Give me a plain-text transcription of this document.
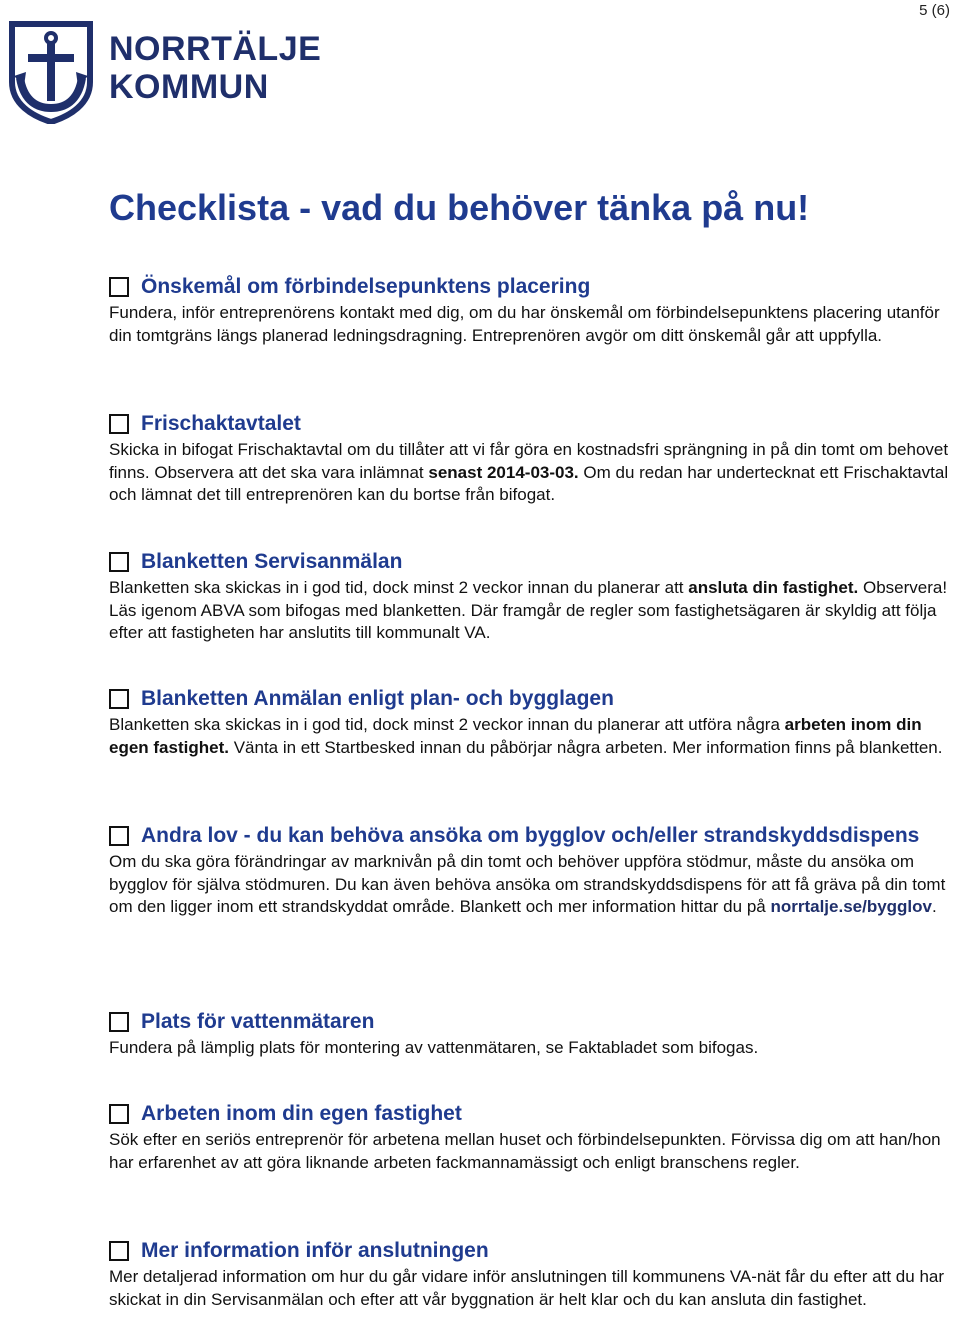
5 (6)
NORRTÄLJE
KOMMUN
Checklista - vad du behöver tänka på nu!
Önskemål om förbindelsepunktens placering

Fundera, inför entreprenörens kontakt med dig, om du har önskemål om förbindelsepunktens placering utanför din tomtgräns längs planerad ledningsdragning. Entreprenören avgör om ditt önskemål går att uppfylla.

Frischaktavtalet

Skicka in bifogat Frischaktavtal om du tillåter att vi får göra en kostnadsfri sprängning in på din tomt om behovet finns. Observera att det ska vara inlämnat senast 2014-03-03. Om du redan har undertecknat ett Frischaktavtal och lämnat det till entreprenören kan du bortse från bifogat.

Blanketten Servisanmälan

Blanketten ska skickas in i god tid, dock minst 2 veckor innan du planerar att ansluta din fastighet. Observera! Läs igenom ABVA som bifogas med blanketten. Där framgår de regler som fastighetsägaren är skyldig att följa efter att fastigheten har anslutits till kommunalt VA.

Blanketten Anmälan enligt plan- och bygglagen

Blanketten ska skickas in i god tid, dock minst 2 veckor innan du planerar att utföra några arbeten inom din egen fastighet. Vänta in ett Startbesked innan du påbörjar några arbeten. Mer information finns på blanketten.

Andra lov - du kan behöva ansöka om bygglov och/eller strandskyddsdispens

Om du ska göra förändringar av marknivån på din tomt och behöver uppföra stödmur, måste du ansöka om bygglov för själva stödmuren. Du kan även behöva ansöka om strandskyddsdispens för att få gräva på din tomt om den ligger inom ett strandskyddat område. Blankett och mer information hittar du på norrtalje.se/bygglov.

Plats för vattenmätaren

Fundera på lämplig plats för montering av vattenmätaren, se Faktabladet som bifogas.

Arbeten inom din egen fastighet

Sök efter en seriös entreprenör för arbetena mellan huset och förbindelsepunkten. Förvissa dig om att han/hon har erfarenhet av att göra liknande arbeten fackmannamässigt och enligt branschens regler.

Mer information inför anslutningen

Mer detaljerad information om hur du går vidare inför anslutningen till kommunens VA-nät får du efter att du har skickat in din Servisanmälan och efter att vår byggnation är helt klar och du kan ansluta din fastighet.
